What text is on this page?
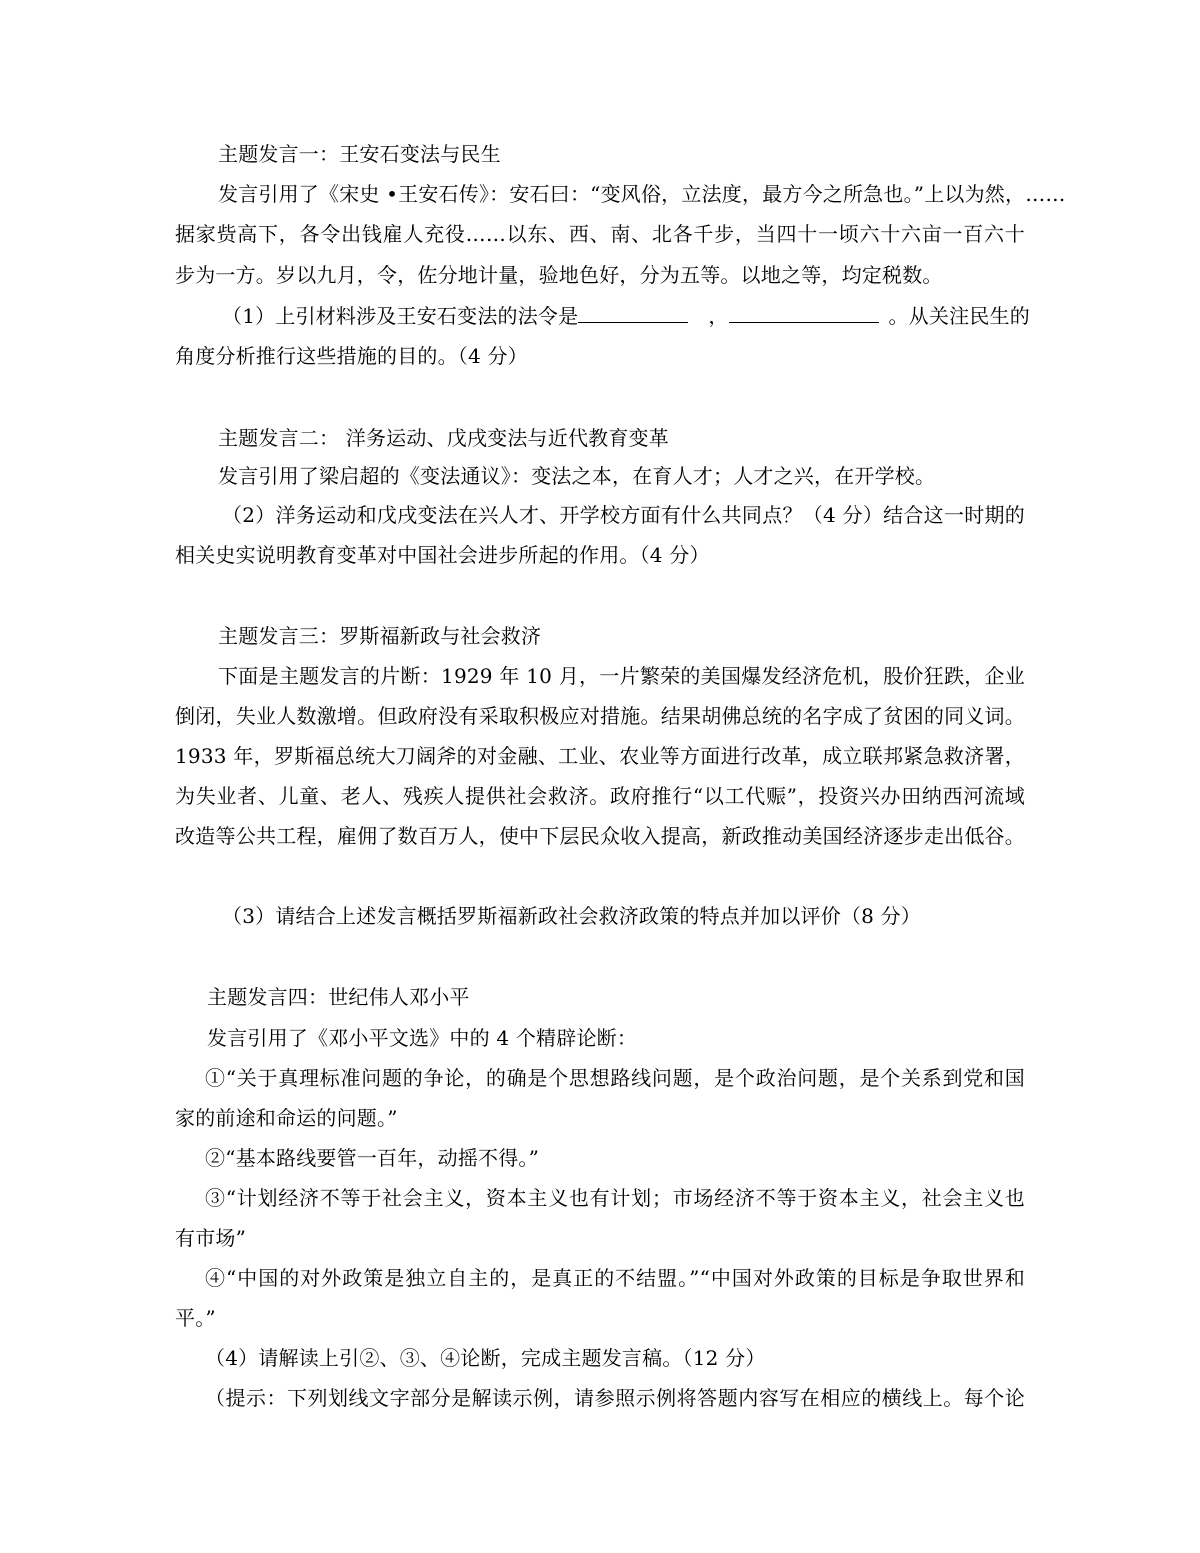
主题发言一：王安石变法与民生
发言引用了《宋史 •王安石传》：安石曰：“变风俗，立法度，最方今之所急也。”上以为然，……
据家赀高下，各令出钱雇人充役……以东、西、南、北各千步，当四十一顷六十六亩一百六十
步为一方。岁以九月，令，佐分地计量，验地色好，分为五等。以地之等，均定税数。
（1）上引材料涉及王安石变法的法令是	，	。从关注民生的
角度分析推行这些措施的目的。（4 分）
主题发言二： 洋务运动、戊戌变法与近代教育变革
发言引用了梁启超的《变法通议》：变法之本，在育人才；人才之兴，在开学校。
（2）洋务运动和戊戌变法在兴人才、开学校方面有什么共同点？（4 分）结合这一时期的
相关史实说明教育变革对中国社会进步所起的作用。（4 分）
主题发言三：罗斯福新政与社会救济
下面是主题发言的片断：1929 年 10 月，一片繁荣的美国爆发经济危机，股价狂跌，企业
倒闭，失业人数激增。但政府没有采取积极应对措施。结果胡佛总统的名字成了贫困的同义词。
1933 年，罗斯福总统大刀阔斧的对金融、工业、农业等方面进行改革，成立联邦紧急救济署，
为失业者、儿童、老人、残疾人提供社会救济。政府推行“以工代赈”，投资兴办田纳西河流域
改造等公共工程，雇佣了数百万人，使中下层民众收入提高，新政推动美国经济逐步走出低谷。
（3）请结合上述发言概括罗斯福新政社会救济政策的特点并加以评价（8 分）
主题发言四：世纪伟人邓小平
发言引用了《邓小平文选》中的 4 个精辟论断：
①“关于真理标准问题的争论，的确是个思想路线问题，是个政治问题，是个关系到党和国
家的前途和命运的问题。”
②“基本路线要管一百年，动摇不得。”
③“计划经济不等于社会主义，资本主义也有计划；市场经济不等于资本主义，社会主义也
有市场”
④“中国的对外政策是独立自主的，是真正的不结盟。”“中国对外政策的目标是争取世界和
平。”
（4）请解读上引②、③、④论断，完成主题发言稿。（12 分）
（提示：下列划线文字部分是解读示例，请参照示例将答题内容写在相应的横线上。每个论
